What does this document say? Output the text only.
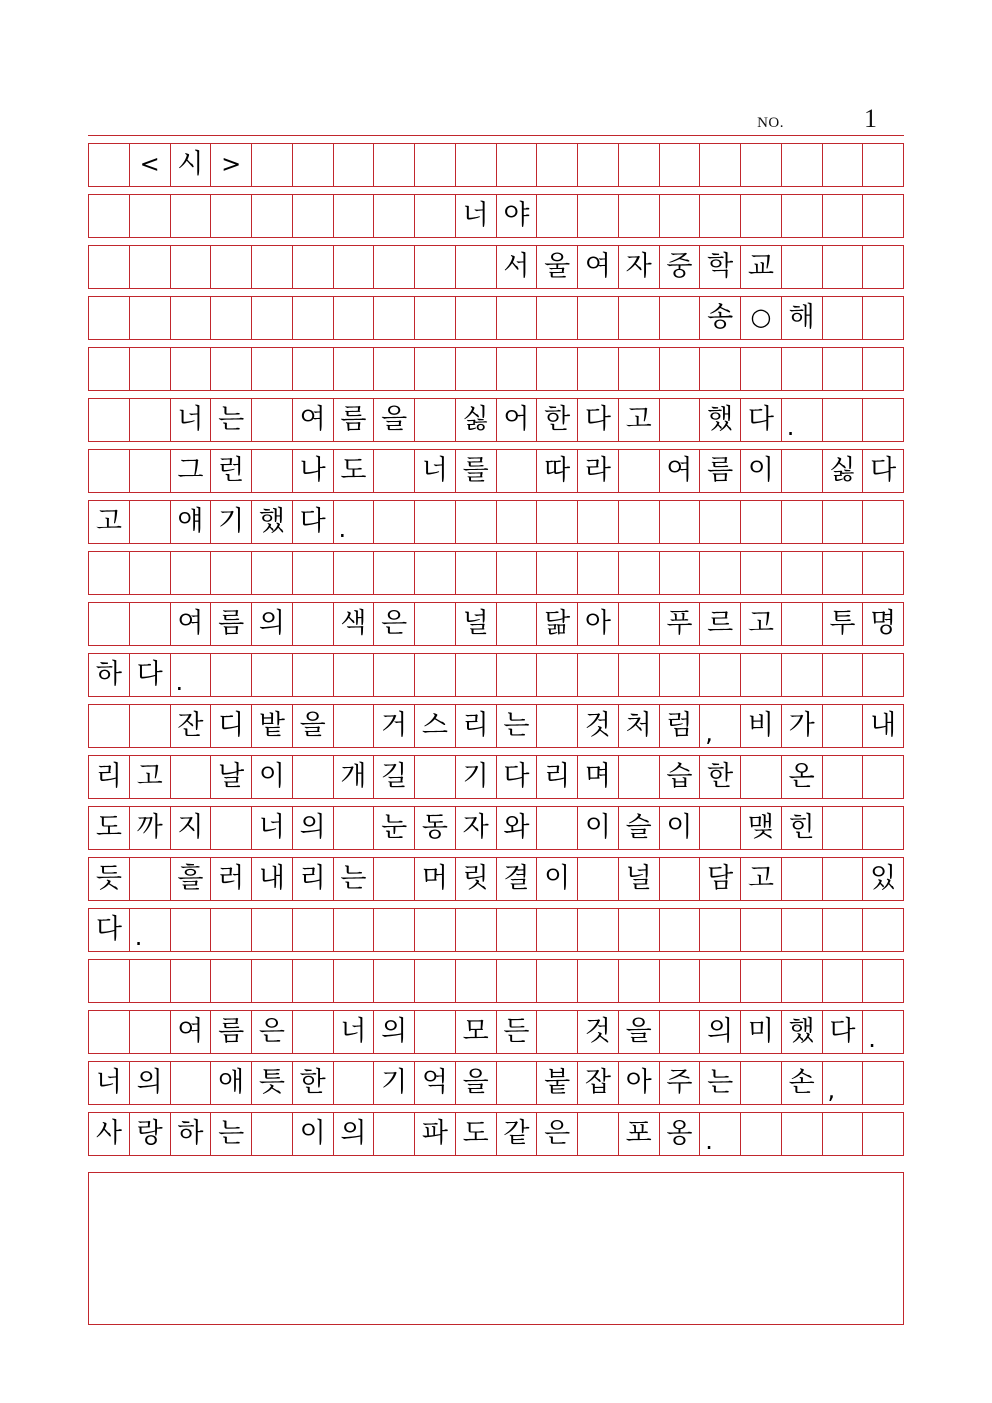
NO.	1
< 시 >
너 야
서 울 여 자 중 학 교
송 ○ 해
너 는 여 름 을 싫 어 한 다 고 했 다 .
그 런 나 도 너 를 따 라 여 름 이 싫 다
고 얘 기 했 다 .
여 름 의 색 은 널 닮 아 푸 르 고 투 명
하 다 .
잔 디 밭 을 거 스 리 는 것 처 럼 ,	비 가 내
리 고 날 이 개 길 기 다 리 며 습 한 온
도 까 지 너 의 눈 동 자 와 이 슬 이 맺 힌
듯 흘 러 내 리 는 머 릿 결 이 널 담 고	있
다 .
여 름 은 너 의 모 든 것 을 의 미 했 다 .
너 의 애 틋 한 기 억 을 붙 잡 아 주 는 손 ,
사 랑 하 는 이 의 파 도 같 은 포 옹 .
